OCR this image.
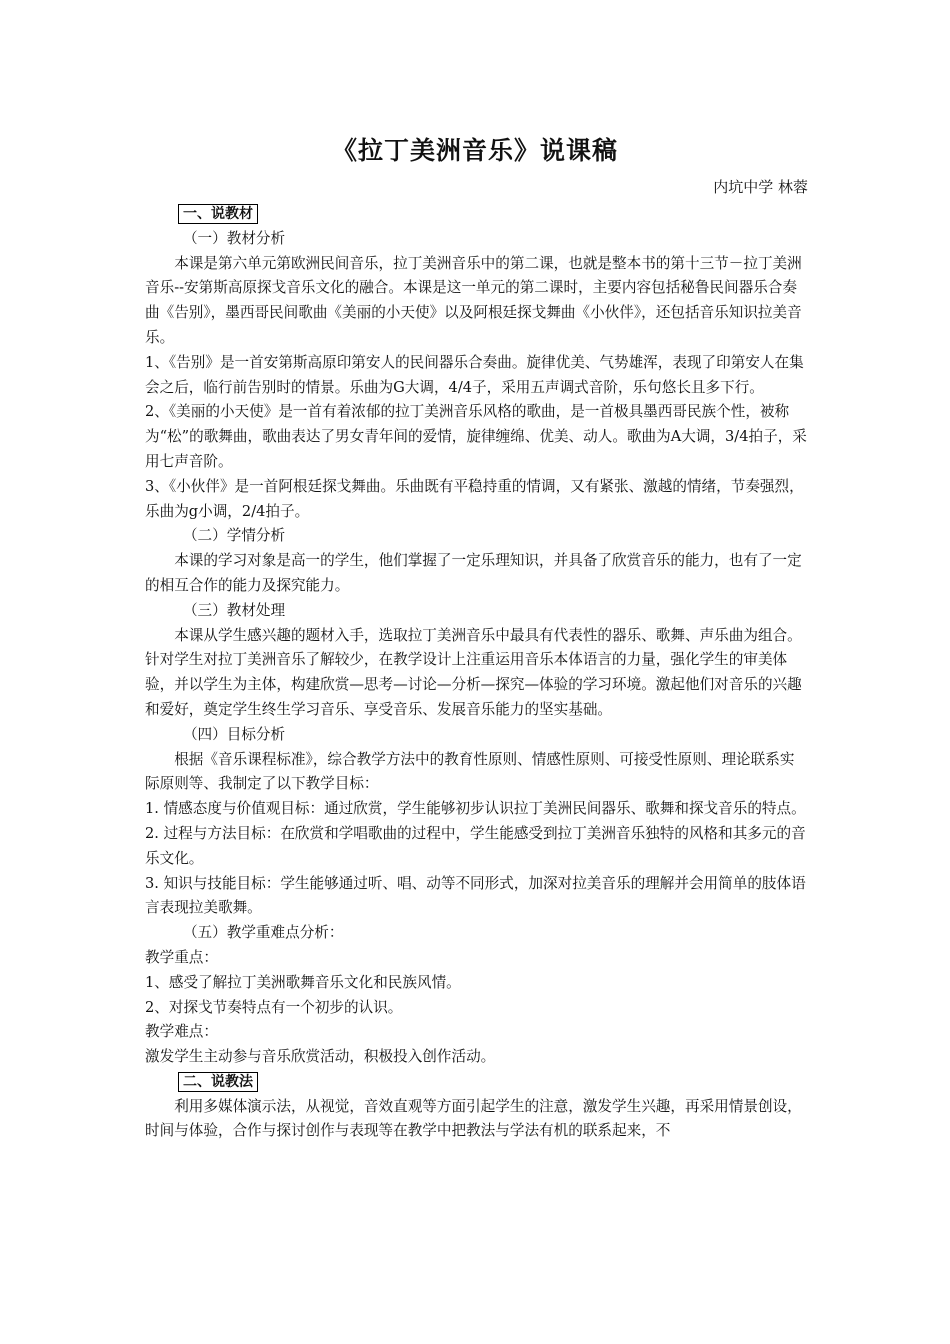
《拉丁美洲音乐》说课稿
内坑中学 林蓉
一、说教材

（一）教材分析

本课是第六单元第欧洲民间音乐，拉丁美洲音乐中的第二课，也就是整本书的第十三节－拉丁美洲音乐--安第斯高原探戈音乐文化的融合。本课是这一单元的第二课时，主要内容包括秘鲁民间器乐合奏曲《告别》，墨西哥民间歌曲《美丽的小天使》以及阿根廷探戈舞曲《小伙伴》，还包括音乐知识拉美音乐。

1、《告别》是一首安第斯高原印第安人的民间器乐合奏曲。旋律优美、气势雄浑，表现了印第安人在集会之后，临行前告别时的情景。乐曲为G大调，4/4子，采用五声调式音阶，乐句悠长且多下行。

2、《美丽的小天使》是一首有着浓郁的拉丁美洲音乐风格的歌曲，是一首极具墨西哥民族个性，被称为“松”的歌舞曲，歌曲表达了男女青年间的爱情，旋律缠绵、优美、动人。歌曲为A大调，3/4拍子，采用七声音阶。

3、《小伙伴》是一首阿根廷探戈舞曲。乐曲既有平稳持重的情调，又有紧张、激越的情绪，节奏强烈，乐曲为g小调，2/4拍子。

（二）学情分析

本课的学习对象是高一的学生，他们掌握了一定乐理知识，并具备了欣赏音乐的能力，也有了一定的相互合作的能力及探究能力。

（三）教材处理

本课从学生感兴趣的题材入手，选取拉丁美洲音乐中最具有代表性的器乐、歌舞、声乐曲为组合。针对学生对拉丁美洲音乐了解较少，在教学设计上注重运用音乐本体语言的力量，强化学生的审美体验，并以学生为主体，构建欣赏—思考—讨论—分析—探究—体验的学习环境。激起他们对音乐的兴趣和爱好，奠定学生终生学习音乐、享受音乐、发展音乐能力的坚实基础。

（四）目标分析

根据《音乐课程标准》，综合教学方法中的教育性原则、情感性原则、可接受性原则、理论联系实际原则等、我制定了以下教学目标：

1. 情感态度与价值观目标：通过欣赏，学生能够初步认识拉丁美洲民间器乐、歌舞和探戈音乐的特点。

2. 过程与方法目标：在欣赏和学唱歌曲的过程中，学生能感受到拉丁美洲音乐独特的风格和其多元的音乐文化。

3. 知识与技能目标：学生能够通过听、唱、动等不同形式，加深对拉美音乐的理解并会用简单的肢体语言表现拉美歌舞。

（五）教学重难点分析：

教学重点：

1、感受了解拉丁美洲歌舞音乐文化和民族风情。

2、对探戈节奏特点有一个初步的认识。

教学难点：

激发学生主动参与音乐欣赏活动，积极投入创作活动。

二、说教法

利用多媒体演示法，从视觉，音效直观等方面引起学生的注意，激发学生兴趣，再采用情景创设，时间与体验，合作与探讨创作与表现等在教学中把教法与学法有机的联系起来，不
